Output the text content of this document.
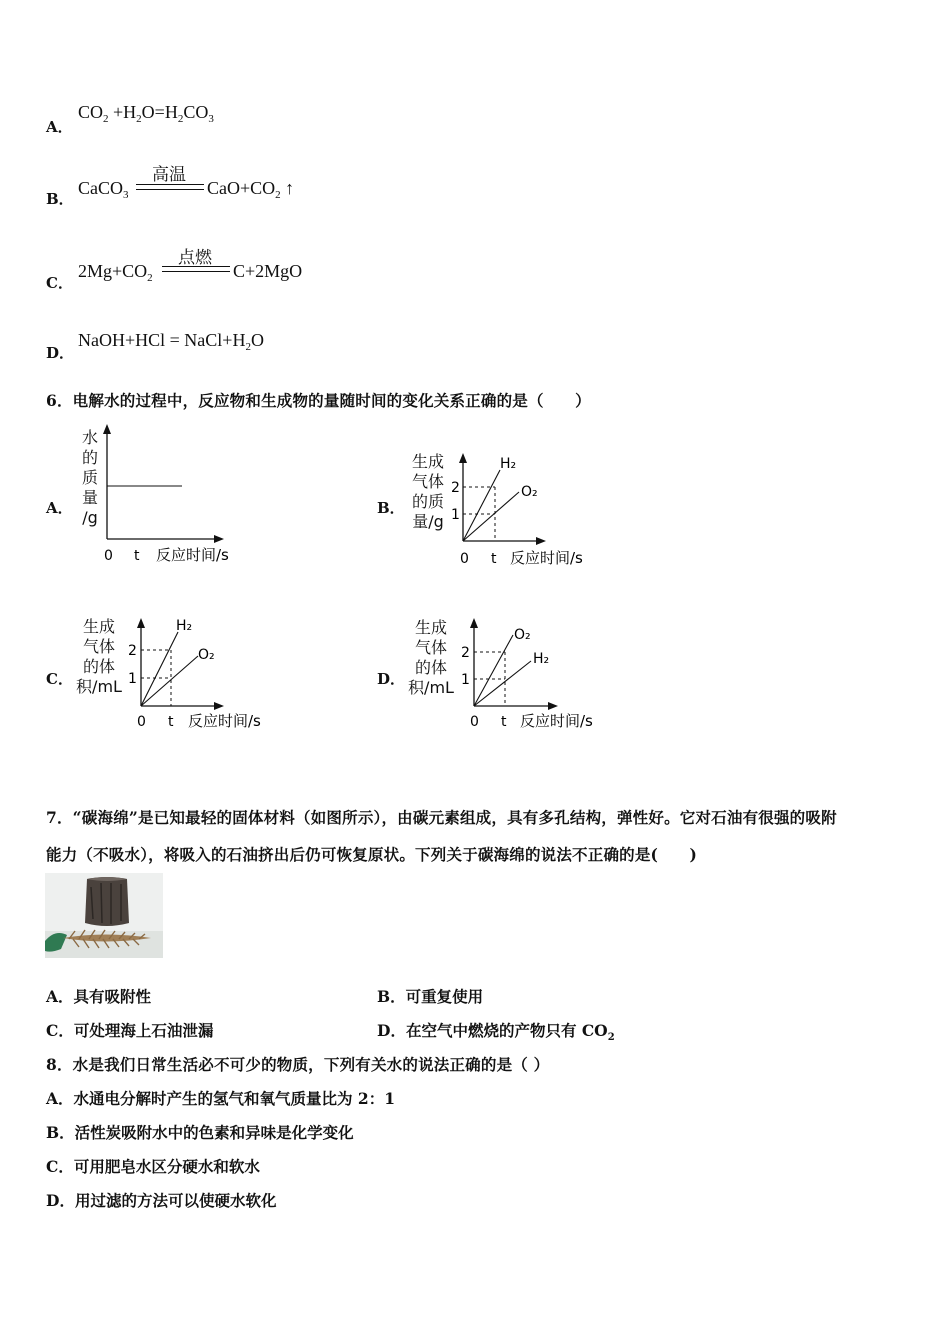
A．
$CO_2 +H_2O=H_2CO_3$
B．
CaCO$_3$
高温
$CaO+CO_2$ ↑
C．
$2Mg+CO_2$
点燃
C+2MgO
D．
NaOH+HCl = $NaCl+H_2O$
6．电解水的过程中，反应物和生成物的量随时间的变化关系正确的是（　　）
A．
水
的
质
量
/g
0 t 反应时间/s
B．
生成
气体
的质
量/g
2
1
H₂
O₂
0 t 反应时间/s
C．
生成
气体
的体
积/mL
2
1
H₂
O₂
0 t 反应时间/s
D．
生成
气体
的体
积/mL
2
1
O₂
H₂
0 t 反应时间/s
7．“碳海绵”是已知最轻的固体材料（如图所示），由碳元素组成，具有多孔结构，弹性好。它对石油有很强的吸附
能力（不吸水），将吸入的石油挤出后仍可恢复原状。下列关于碳海绵的说法不正确的是(　　)
A．具有吸附性	B．可重复使用
C．可处理海上石油泄漏	D．在空气中燃烧的产物只有 $CO_2$
8．水是我们日常生活必不可少的物质，下列有关水的说法正确的是（ ）
A．水通电分解时产生的氢气和氧气质量比为 2：1
B．活性炭吸附水中的色素和异味是化学变化
C．可用肥皂水区分硬水和软水
D．用过滤的方法可以使硬水软化
